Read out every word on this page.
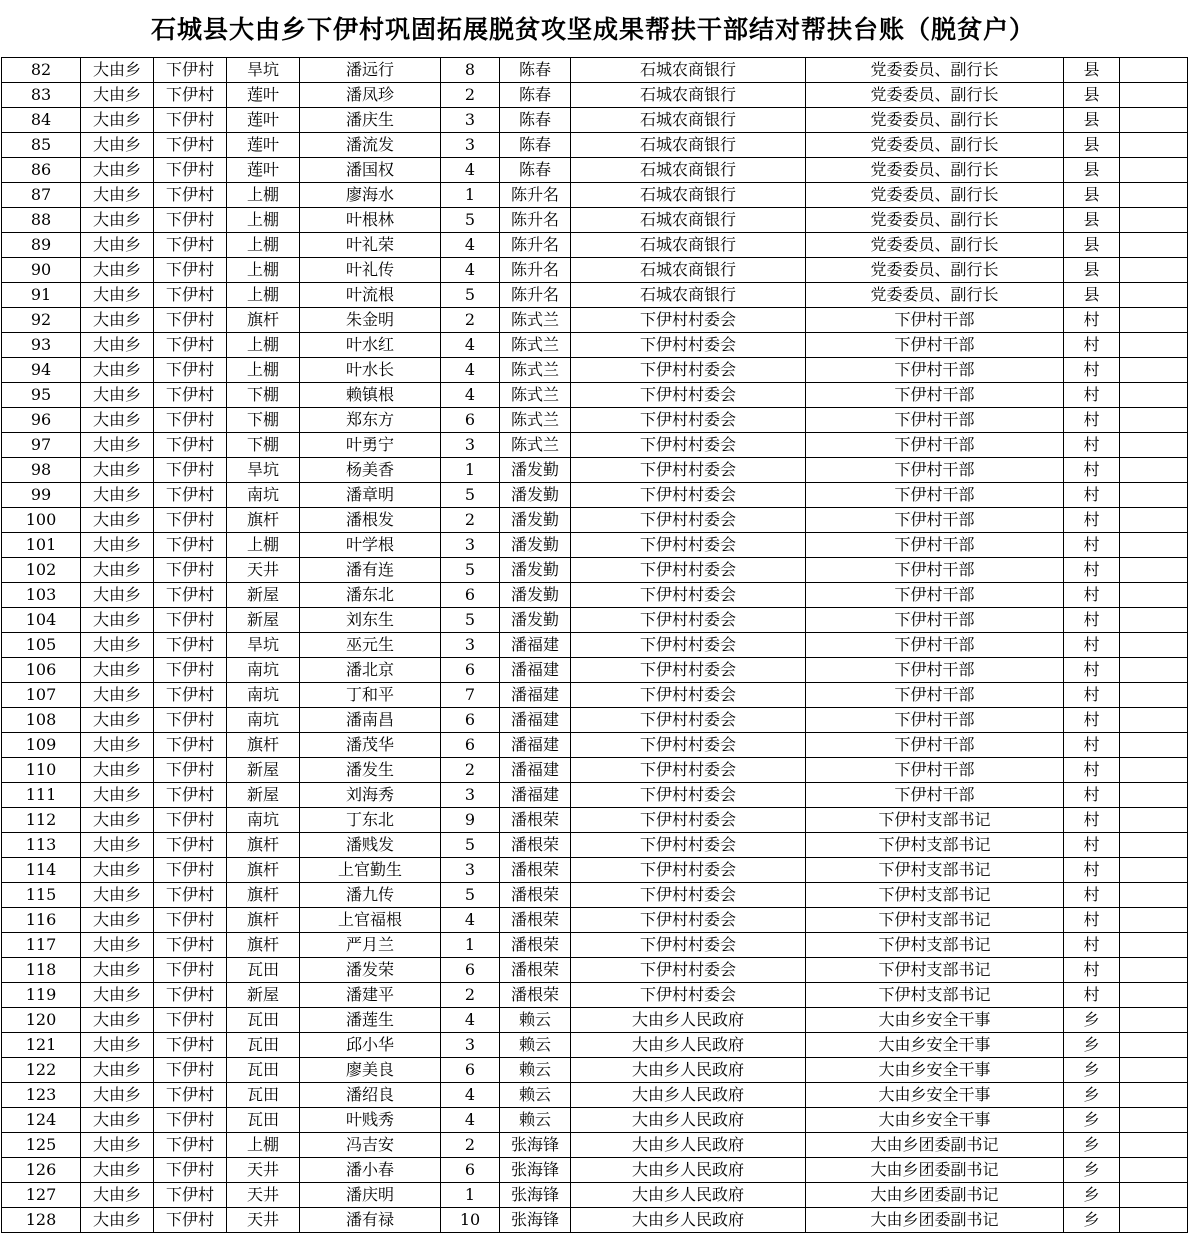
石城县大由乡下伊村巩固拓展脱贫攻坚成果帮扶干部结对帮扶台账（脱贫户）
82	大由乡	下伊村	旱坑	潘远行	8	陈春	石城农商银行	党委委员、副行长	县	
83	大由乡	下伊村	莲叶	潘凤珍	2	陈春	石城农商银行	党委委员、副行长	县	
84	大由乡	下伊村	莲叶	潘庆生	3	陈春	石城农商银行	党委委员、副行长	县	
85	大由乡	下伊村	莲叶	潘流发	3	陈春	石城农商银行	党委委员、副行长	县	
86	大由乡	下伊村	莲叶	潘国权	4	陈春	石城农商银行	党委委员、副行长	县	
87	大由乡	下伊村	上棚	廖海水	1	陈升名	石城农商银行	党委委员、副行长	县	
88	大由乡	下伊村	上棚	叶根林	5	陈升名	石城农商银行	党委委员、副行长	县	
89	大由乡	下伊村	上棚	叶礼荣	4	陈升名	石城农商银行	党委委员、副行长	县	
90	大由乡	下伊村	上棚	叶礼传	4	陈升名	石城农商银行	党委委员、副行长	县	
91	大由乡	下伊村	上棚	叶流根	5	陈升名	石城农商银行	党委委员、副行长	县	
92	大由乡	下伊村	旗杆	朱金明	2	陈式兰	下伊村村委会	下伊村干部	村	
93	大由乡	下伊村	上棚	叶水红	4	陈式兰	下伊村村委会	下伊村干部	村	
94	大由乡	下伊村	上棚	叶水长	4	陈式兰	下伊村村委会	下伊村干部	村	
95	大由乡	下伊村	下棚	赖镇根	4	陈式兰	下伊村村委会	下伊村干部	村	
96	大由乡	下伊村	下棚	郑东方	6	陈式兰	下伊村村委会	下伊村干部	村	
97	大由乡	下伊村	下棚	叶勇宁	3	陈式兰	下伊村村委会	下伊村干部	村	
98	大由乡	下伊村	旱坑	杨美香	1	潘发勤	下伊村村委会	下伊村干部	村	
99	大由乡	下伊村	南坑	潘章明	5	潘发勤	下伊村村委会	下伊村干部	村	
100	大由乡	下伊村	旗杆	潘根发	2	潘发勤	下伊村村委会	下伊村干部	村	
101	大由乡	下伊村	上棚	叶学根	3	潘发勤	下伊村村委会	下伊村干部	村	
102	大由乡	下伊村	天井	潘有连	5	潘发勤	下伊村村委会	下伊村干部	村	
103	大由乡	下伊村	新屋	潘东北	6	潘发勤	下伊村村委会	下伊村干部	村	
104	大由乡	下伊村	新屋	刘东生	5	潘发勤	下伊村村委会	下伊村干部	村	
105	大由乡	下伊村	旱坑	巫元生	3	潘福建	下伊村村委会	下伊村干部	村	
106	大由乡	下伊村	南坑	潘北京	6	潘福建	下伊村村委会	下伊村干部	村	
107	大由乡	下伊村	南坑	丁和平	7	潘福建	下伊村村委会	下伊村干部	村	
108	大由乡	下伊村	南坑	潘南昌	6	潘福建	下伊村村委会	下伊村干部	村	
109	大由乡	下伊村	旗杆	潘茂华	6	潘福建	下伊村村委会	下伊村干部	村	
110	大由乡	下伊村	新屋	潘发生	2	潘福建	下伊村村委会	下伊村干部	村	
111	大由乡	下伊村	新屋	刘海秀	3	潘福建	下伊村村委会	下伊村干部	村	
112	大由乡	下伊村	南坑	丁东北	9	潘根荣	下伊村村委会	下伊村支部书记	村	
113	大由乡	下伊村	旗杆	潘贱发	5	潘根荣	下伊村村委会	下伊村支部书记	村	
114	大由乡	下伊村	旗杆	上官勤生	3	潘根荣	下伊村村委会	下伊村支部书记	村	
115	大由乡	下伊村	旗杆	潘九传	5	潘根荣	下伊村村委会	下伊村支部书记	村	
116	大由乡	下伊村	旗杆	上官福根	4	潘根荣	下伊村村委会	下伊村支部书记	村	
117	大由乡	下伊村	旗杆	严月兰	1	潘根荣	下伊村村委会	下伊村支部书记	村	
118	大由乡	下伊村	瓦田	潘发荣	6	潘根荣	下伊村村委会	下伊村支部书记	村	
119	大由乡	下伊村	新屋	潘建平	2	潘根荣	下伊村村委会	下伊村支部书记	村	
120	大由乡	下伊村	瓦田	潘莲生	4	赖云	大由乡人民政府	大由乡安全干事	乡	
121	大由乡	下伊村	瓦田	邱小华	3	赖云	大由乡人民政府	大由乡安全干事	乡	
122	大由乡	下伊村	瓦田	廖美良	6	赖云	大由乡人民政府	大由乡安全干事	乡	
123	大由乡	下伊村	瓦田	潘绍良	4	赖云	大由乡人民政府	大由乡安全干事	乡	
124	大由乡	下伊村	瓦田	叶贱秀	4	赖云	大由乡人民政府	大由乡安全干事	乡	
125	大由乡	下伊村	上棚	冯吉安	2	张海锋	大由乡人民政府	大由乡团委副书记	乡	
126	大由乡	下伊村	天井	潘小春	6	张海锋	大由乡人民政府	大由乡团委副书记	乡	
127	大由乡	下伊村	天井	潘庆明	1	张海锋	大由乡人民政府	大由乡团委副书记	乡	
128	大由乡	下伊村	天井	潘有禄	10	张海锋	大由乡人民政府	大由乡团委副书记	乡	
